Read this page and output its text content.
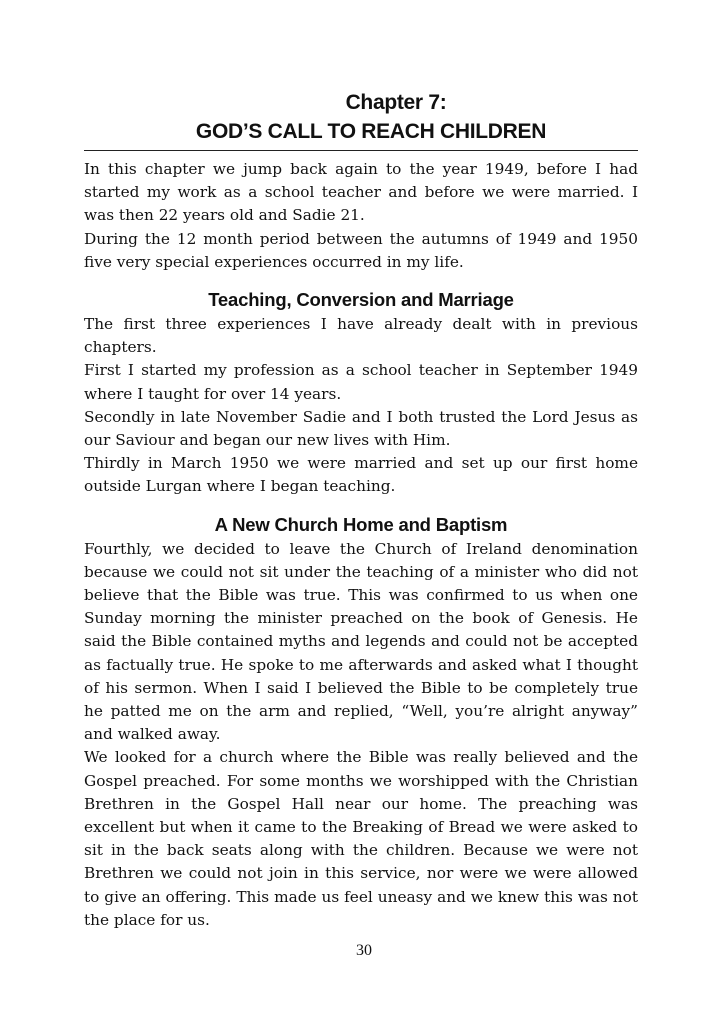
Chapter 7:
GOD’S CALL TO REACH CHILDREN

In this chapter we jump back again to the year 1949, before I had started my work as a school teacher and before we were married. I was then 22 years old and Sadie 21.

During the 12 month period between the autumns of 1949 and 1950 five very special experiences occurred in my life.

Teaching, Conversion and Marriage

The first three experiences I have already dealt with in previous chapters.

First I started my profession as a school teacher in September 1949 where I taught for over 14 years.

Secondly in late November Sadie and I both trusted the Lord Jesus as our Saviour and began our new lives with Him.

Thirdly in March 1950 we were married and set up our first home outside Lurgan where I began teaching.

A New Church Home and Baptism

Fourthly, we decided to leave the Church of Ireland denomination because we could not sit under the teaching of a minister who did not believe that the Bible was true. This was confirmed to us when one Sunday morning the minister preached on the book of Genesis. He said the Bible contained myths and legends and could not be accepted as factually true. He spoke to me afterwards and asked what I thought of his sermon. When I said I believed the Bible to be completely true he patted me on the arm and replied, “Well, you’re alright anyway” and walked away.

We looked for a church where the Bible was really believed and the Gospel preached. For some months we worshipped with the Christian Brethren in the Gospel Hall near our home. The preaching was excellent but when it came to the Breaking of Bread we were asked to sit in the back seats along with the children. Because we were not Brethren we could not join in this service, nor were we were allowed to give an offering. This made us feel uneasy and we knew this was not the place for us.

30
